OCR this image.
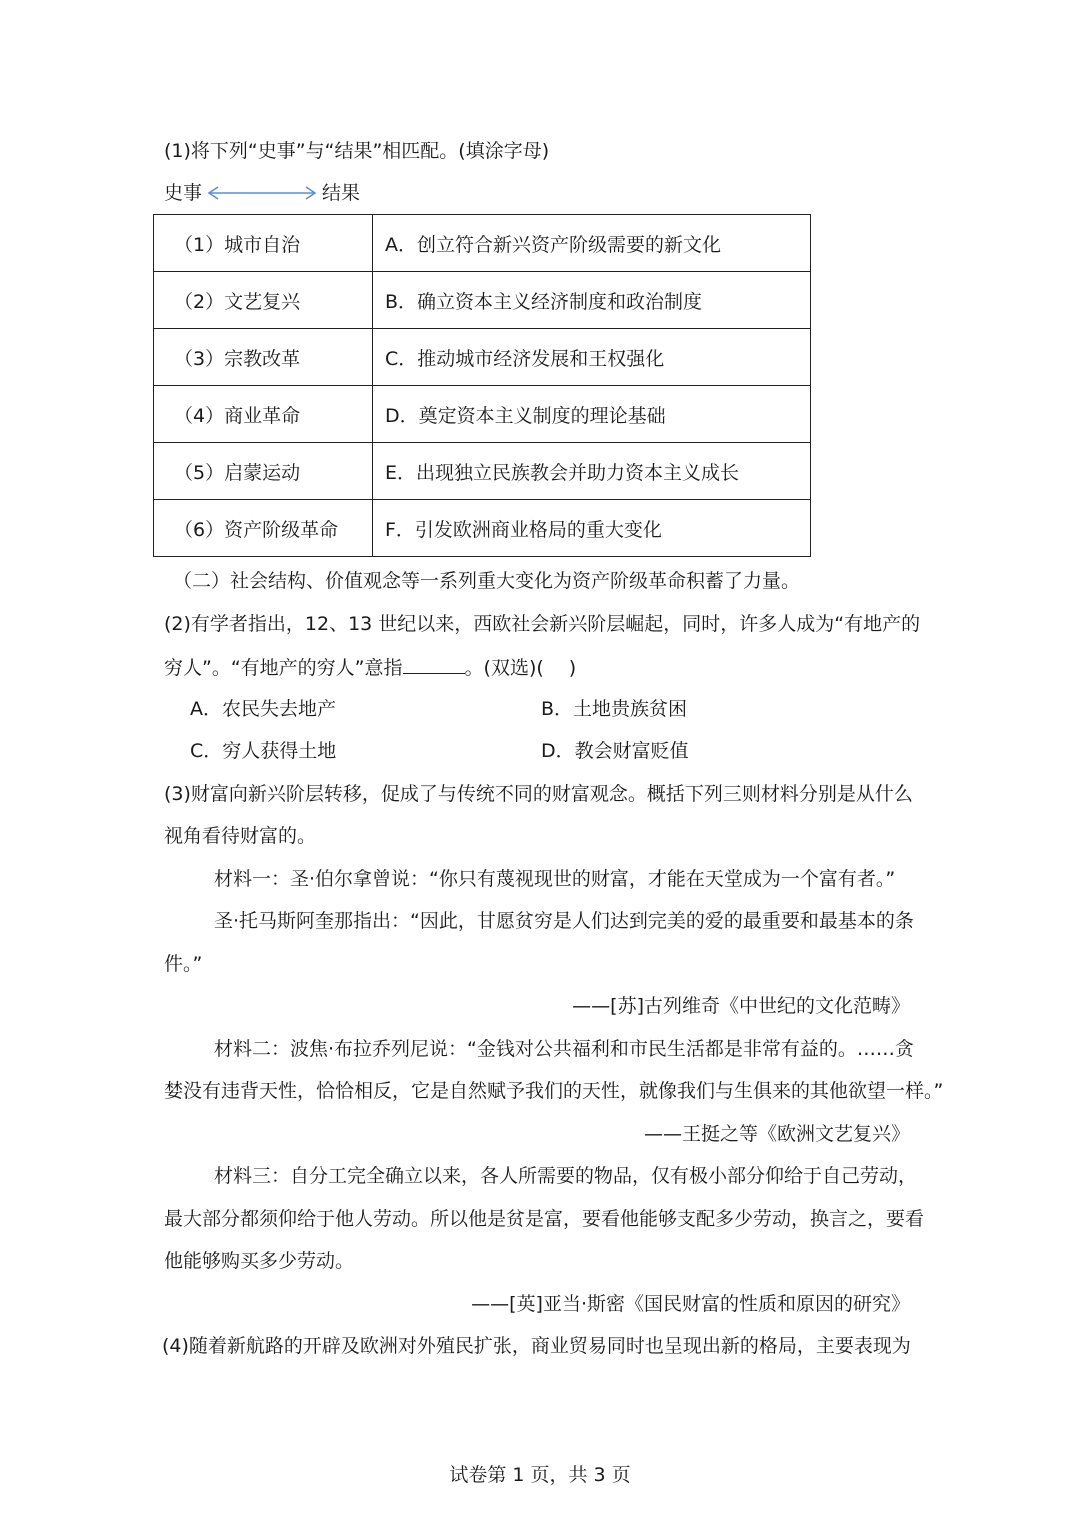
(1)将下列“史事”与“结果”相匹配。(填涂字母)
史事	结果
（1）城市自治	A．创立符合新兴资产阶级需要的新文化
（2）文艺复兴	B．确立资本主义经济制度和政治制度
（3）宗教改革	C．推动城市经济发展和王权强化
（4）商业革命	D．奠定资本主义制度的理论基础
（5）启蒙运动	E．出现独立民族教会并助力资本主义成长
（6）资产阶级革命	F．引发欧洲商业格局的重大变化
（二）社会结构、价值观念等一系列重大变化为资产阶级革命积蓄了力量。
(2)有学者指出，12、13 世纪以来，西欧社会新兴阶层崛起，同时，许多人成为“有地产的
穷人”。“有地产的穷人”意指	。(双选)(　 )
A．农民失去地产	B．土地贵族贫困
C．穷人获得土地	D．教会财富贬值
(3)财富向新兴阶层转移，促成了与传统不同的财富观念。概括下列三则材料分别是从什么
视角看待财富的。
材料一：圣·伯尔拿曾说：“你只有蔑视现世的财富，才能在天堂成为一个富有者。”
圣·托马斯阿奎那指出：“因此，甘愿贫穷是人们达到完美的爱的最重要和最基本的条
件。”
——[苏]古列维奇《中世纪的文化范畴》
材料二：波焦·布拉乔列尼说：“金钱对公共福利和市民生活都是非常有益的。……贪
婪没有违背天性，恰恰相反，它是自然赋予我们的天性，就像我们与生俱来的其他欲望一样。”
——王挺之等《欧洲文艺复兴》
材料三：自分工完全确立以来，各人所需要的物品，仅有极小部分仰给于自己劳动，
最大部分都须仰给于他人劳动。所以他是贫是富，要看他能够支配多少劳动，换言之，要看
他能够购买多少劳动。
——[英]亚当·斯密《国民财富的性质和原因的研究》
(4)随着新航路的开辟及欧洲对外殖民扩张，商业贸易同时也呈现出新的格局，主要表现为
试卷第 1 页，共 3 页
